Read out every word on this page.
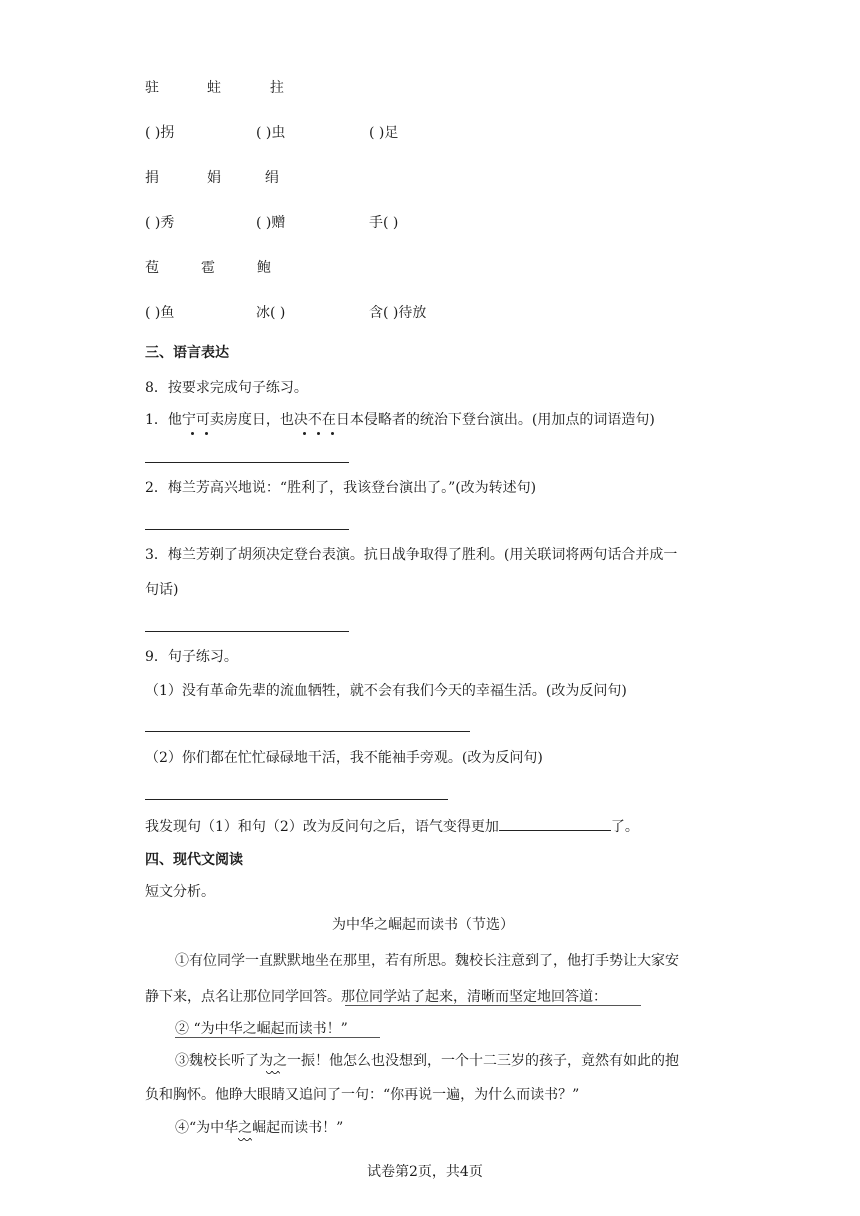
驻	蛀	拄
( )拐	( )虫	( )足
捐	娟	绢
( )秀	( )赠	手( )
苞	雹	鲍
( )鱼	冰( )	含( )待放
三、语言表达
8．按要求完成句子练习。
1．他宁可卖房度日，也决不在日本侵略者的统治下登台演出。(用加点的词语造句)
2．梅兰芳高兴地说：“胜利了，我该登台演出了。”(改为转述句)
3．梅兰芳剃了胡须决定登台表演。抗日战争取得了胜利。(用关联词将两句话合并成一
句话)
9．句子练习。
（1）没有革命先辈的流血牺牲，就不会有我们今天的幸福生活。(改为反问句)
（2）你们都在忙忙碌碌地干活，我不能袖手旁观。(改为反问句)
我发现句（1）和句（2）改为反问句之后，语气变得更加	了。
四、现代文阅读
短文分析。
为中华之崛起而读书（节选）
①有位同学一直默默地坐在那里，若有所思。魏校长注意到了，他打手势让大家安
静下来，点名让那位同学回答。那位同学站了起来，清晰而坚定地回答道：
② “为中华之崛起而读书！”
③魏校长听了为之一振！他怎么也没想到，一个十二三岁的孩子，竟然有如此的抱
负和胸怀。他睁大眼睛又追问了一句：“你再说一遍，为什么而读书？”
④“为中华之崛起而读书！”
试卷第2页，共4页
